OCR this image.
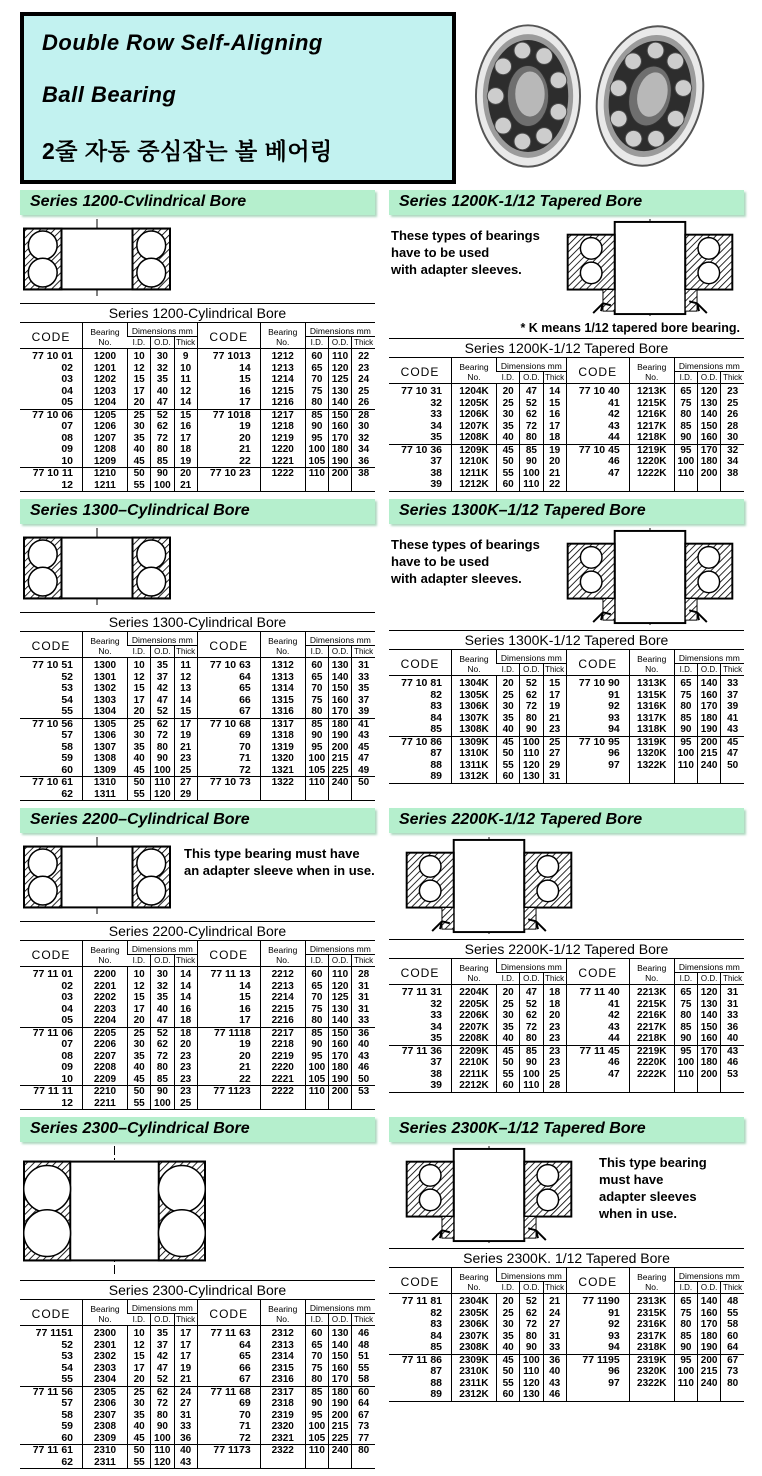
Double Row Self-Aligning
Ball Bearing
2줄 자동 중심잡는 볼 베어링
Series 1200-Cvlindrical Bore
Series 1200-Cylindrical Bore
CODE	Bearing No.	Dimensions mm			CODE	Bearing No.	Dimensions mm		
		I.D.	O.D.	Thick			I.D.	O.D.	Thick
77 10 01	1200	10	30	9	77 1013	1212	60	110	22
02	1201	12	32	10	14	1213	65	120	23
03	1202	15	35	11	15	1214	70	125	24
04	1203	17	40	12	16	1215	75	130	25
05	1204	20	47	14	17	1216	80	140	26
77 10 06	1205	25	52	15	77 1018	1217	85	150	28
07	1206	30	62	16	19	1218	90	160	30
08	1207	35	72	17	20	1219	95	170	32
09	1208	40	80	18	21	1220	100	180	34
10	1209	45	85	19	22	1221	105	190	36
77 10 11	1210	50	90	20	77 10 23	1222	110	200	38
12	1211	55	100	21					
Series 1200K-1/12 Tapered Bore
These types of bearings
have to be used
with adapter sleeves.
* K means 1/12 tapered bore bearing.
Series 1200K-1/12 Tapered Bore
CODE	Bearing No.	Dimensions mm			CODE	Bearing No.	Dimensions mm		
		I.D.	O.D.	Thick			I.D.	O.D.	Thick
77 10 31	1204K	20	47	14	77 10 40	1213K	65	120	23
32	1205K	25	52	15	41	1215K	75	130	25
33	1206K	30	62	16	42	1216K	80	140	26
34	1207K	35	72	17	43	1217K	85	150	28
35	1208K	40	80	18	44	1218K	90	160	30
77 10 36	1209K	45	85	19	77 10 45	1219K	95	170	32
37	1210K	50	90	20	46	1220K	100	180	34
38	1211K	55	100	21	47	1222K	110	200	38
39	1212K	60	110	22					
Series 1300–Cylindrical Bore
Series 1300-Cylindrical Bore
CODE	Bearing No.	Dimensions mm			CODE	Bearing No.	Dimensions mm		
		I.D.	O.D.	Thick			I.D.	O.D.	Thick
77 10 51	1300	10	35	11	77 10 63	1312	60	130	31
52	1301	12	37	12	64	1313	65	140	33
53	1302	15	42	13	65	1314	70	150	35
54	1303	17	47	14	66	1315	75	160	37
55	1304	20	52	15	67	1316	80	170	39
77 10 56	1305	25	62	17	77 10 68	1317	85	180	41
57	1306	30	72	19	69	1318	90	190	43
58	1307	35	80	21	70	1319	95	200	45
59	1308	40	90	23	71	1320	100	215	47
60	1309	45	100	25	72	1321	105	225	49
77 10 61	1310	50	110	27	77 10 73	1322	110	240	50
62	1311	55	120	29					
Series 1300K–1/12 Tapered Bore
These types of bearings
have to be used
with adapter sleeves.
Series 1300K-1/12 Tapered Bore
CODE	Bearing No.	Dimensions mm			CODE	Bearing No.	Dimensions mm		
		I.D.	O.D.	Thick			I.D.	O.D.	Thick
77 10 81	1304K	20	52	15	77 10 90	1313K	65	140	33
82	1305K	25	62	17	91	1315K	75	160	37
83	1306K	30	72	19	92	1316K	80	170	39
84	1307K	35	80	21	93	1317K	85	180	41
85	1308K	40	90	23	94	1318K	90	190	43
77 10 86	1309K	45	100	25	77 10 95	1319K	95	200	45
87	1310K	50	110	27	96	1320K	100	215	47
88	1311K	55	120	29	97	1322K	110	240	50
89	1312K	60	130	31					
Series 2200–Cylindrical Bore
This type bearing must have
an adapter sleeve when in use.
Series 2200-Cylindrical Bore
CODE	Bearing No.	Dimensions mm			CODE	Bearing No.	Dimensions mm		
		I.D.	O.D.	Thick			I.D.	O.D.	Thick
77 11 01	2200	10	30	14	77 11 13	2212	60	110	28
02	2201	12	32	14	14	2213	65	120	31
03	2202	15	35	14	15	2214	70	125	31
04	2203	17	40	16	16	2215	75	130	31
05	2204	20	47	18	17	2216	80	140	33
77 11 06	2205	25	52	18	77 1118	2217	85	150	36
07	2206	30	62	20	19	2218	90	160	40
08	2207	35	72	23	20	2219	95	170	43
09	2208	40	80	23	21	2220	100	180	46
10	2209	45	85	23	22	2221	105	190	50
77 11 11	2210	50	90	23	77 1123	2222	110	200	53
12	2211	55	100	25					
Series 2200K-1/12 Tapered Bore
Series 2200K-1/12 Tapered Bore
CODE	Bearing No.	Dimensions mm			CODE	Bearing No.	Dimensions mm		
		I.D.	O.D.	Thick			I.D.	O.D.	Thick
77 11 31	2204K	20	47	18	77 11 40	2213K	65	120	31
32	2205K	25	52	18	41	2215K	75	130	31
33	2206K	30	62	20	42	2216K	80	140	33
34	2207K	35	72	23	43	2217K	85	150	36
35	2208K	40	80	23	44	2218K	90	160	40
77 11 36	2209K	45	85	23	77 11 45	2219K	95	170	43
37	2210K	50	90	23	46	2220K	100	180	46
38	2211K	55	100	25	47	2222K	110	200	53
39	2212K	60	110	28					
Series 2300–Cylindrical Bore
Series 2300-Cylindrical Bore
CODE	Bearing No.	Dimensions mm			CODE	Bearing No.	Dimensions mm		
		I.D.	O.D.	Thick			I.D.	O.D.	Thick
77 1151	2300	10	35	17	77 11 63	2312	60	130	46
52	2301	12	37	17	64	2313	65	140	48
53	2302	15	42	17	65	2314	70	150	51
54	2303	17	47	19	66	2315	75	160	55
55	2304	20	52	21	67	2316	80	170	58
77 11 56	2305	25	62	24	77 11 68	2317	85	180	60
57	2306	30	72	27	69	2318	90	190	64
58	2307	35	80	31	70	2319	95	200	67
59	2308	40	90	33	71	2320	100	215	73
60	2309	45	100	36	72	2321	105	225	77
77 11 61	2310	50	110	40	77 1173	2322	110	240	80
62	2311	55	120	43					
Series 2300K–1/12 Tapered Bore
This type bearing
must have
adapter sleeves
when in use.
Series 2300K. 1/12 Tapered Bore
CODE	Bearing No.	Dimensions mm			CODE	Bearing No.	Dimensions mm		
		I.D.	O.D.	Thick			I.D.	O.D.	Thick
77 11 81	2304K	20	52	21	77 1190	2313K	65	140	48
82	2305K	25	62	24	91	2315K	75	160	55
83	2306K	30	72	27	92	2316K	80	170	58
84	2307K	35	80	31	93	2317K	85	180	60
85	2308K	40	90	33	94	2318K	90	190	64
77 11 86	2309K	45	100	36	77 1195	2319K	95	200	67
87	2310K	50	110	40	96	2320K	100	215	73
88	2311K	55	120	43	97	2322K	110	240	80
89	2312K	60	130	46					
